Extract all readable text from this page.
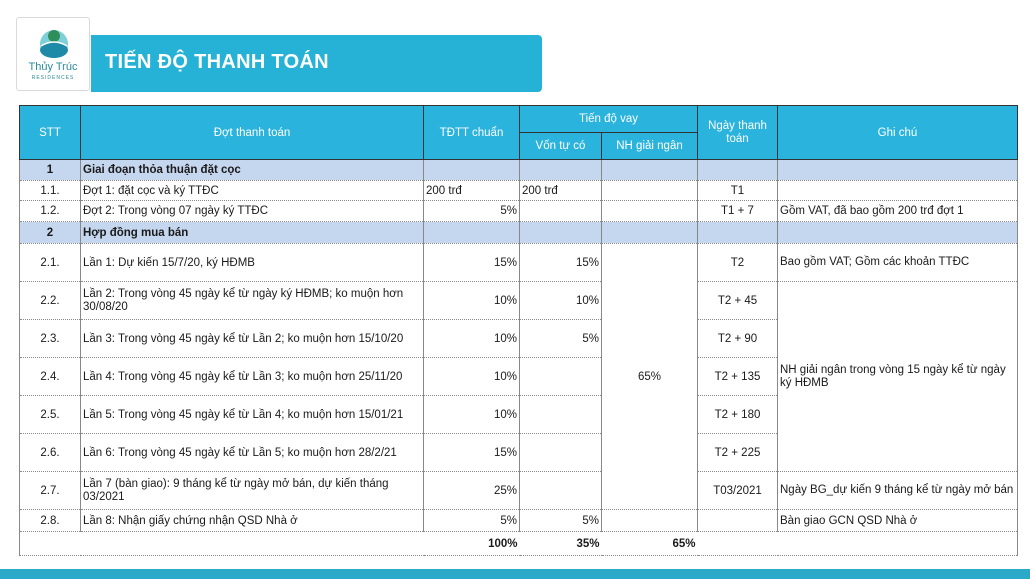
Thủy Trúc
RESIDENCES
TIẾN ĐỘ THANH TOÁN
STT	Đợt thanh toán	TĐTT chuẩn	Tiến độ vay		Ngày thanh toán	Ghi chú
			Vốn tự có	NH giải ngân		
1	Giai đoạn thỏa thuận đặt cọc					
1.1.	Đợt 1: đặt cọc và ký TTĐC	200 trđ	200 trđ		T1	
1.2.	Đợt 2: Trong vòng 07 ngày ký TTĐC	5%			T1 + 7	Gồm VAT, đã bao gồm 200 trđ đợt 1
2	Hợp đồng mua bán					
2.1.	Lần 1: Dự kiến 15/7/20, ký HĐMB	15%	15%	65%	T2	Bao gồm VAT; Gồm các khoản TTĐC
2.2.	Lần 2: Trong vòng 45 ngày kể từ ngày ký HĐMB; ko muộn hơn 30/08/20	10%	10%		T2 + 45	NH giải ngân trong vòng 15 ngày kể từ ngày ký HĐMB
2.3.	Lần 3: Trong vòng 45 ngày kể từ Lần 2; ko muộn hơn 15/10/20	10%	5%		T2 + 90	
2.4.	Lần 4: Trong vòng 45 ngày kể từ Lần 3; ko muộn hơn 25/11/20	10%			T2 + 135	
2.5.	Lần 5: Trong vòng 45 ngày kể từ Lần 4; ko muộn hơn 15/01/21	10%			T2 + 180	
2.6.	Lần 6: Trong vòng 45 ngày kể từ Lần 5; ko muộn hơn 28/2/21	15%			T2 + 225	
2.7.	Lần 7 (bàn giao): 9 tháng kể từ ngày mở bán, dự kiến tháng 03/2021	25%			T03/2021	Ngày BG_dự kiến 9 tháng kể từ ngày mở bán
2.8.	Lần 8: Nhận giấy chứng nhận QSD Nhà ở	5%	5%			Bàn giao GCN QSD Nhà ở
		100%	35%	65%		
